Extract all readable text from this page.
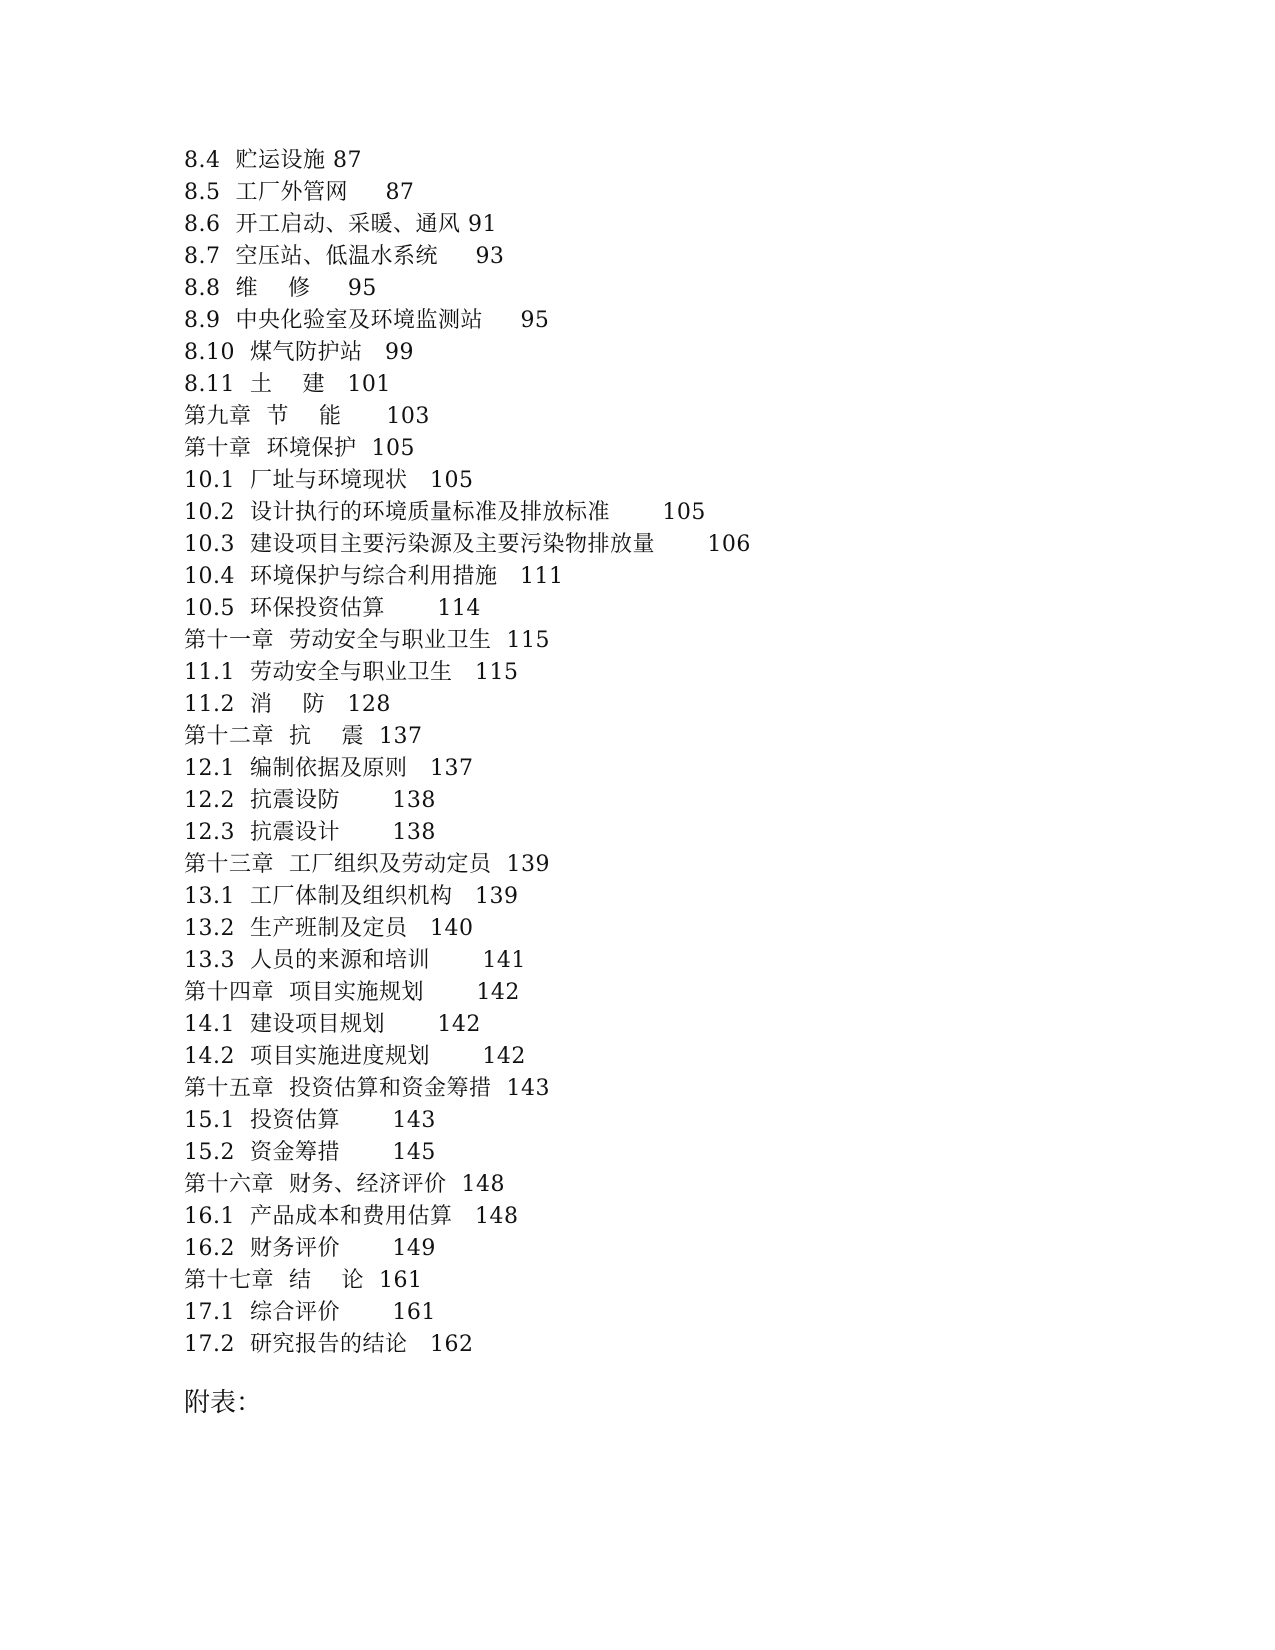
8.4  贮运设施 87
8.5  工厂外管网     87
8.6  开工启动、采暖、通风 91
8.7  空压站、低温水系统     93
8.8  维    修     95
8.9  中央化验室及环境监测站     95
8.10  煤气防护站   99
8.11  土    建   101
第九章  节    能      103
第十章  环境保护  105
10.1  厂址与环境现状   105
10.2  设计执行的环境质量标准及排放标准       105
10.3  建设项目主要污染源及主要污染物排放量       106
10.4  环境保护与综合利用措施   111
10.5  环保投资估算       114
第十一章  劳动安全与职业卫生  115
11.1  劳动安全与职业卫生   115
11.2  消    防   128
第十二章  抗    震  137
12.1  编制依据及原则   137
12.2  抗震设防       138
12.3  抗震设计       138
第十三章  工厂组织及劳动定员  139
13.1  工厂体制及组织机构   139
13.2  生产班制及定员   140
13.3  人员的来源和培训       141
第十四章  项目实施规划       142
14.1  建设项目规划       142
14.2  项目实施进度规划       142
第十五章  投资估算和资金筹措  143
15.1  投资估算       143
15.2  资金筹措       145
第十六章  财务、经济评价  148
16.1  产品成本和费用估算   148
16.2  财务评价       149
第十七章  结    论  161
17.1  综合评价       161
17.2  研究报告的结论   162
附表：
